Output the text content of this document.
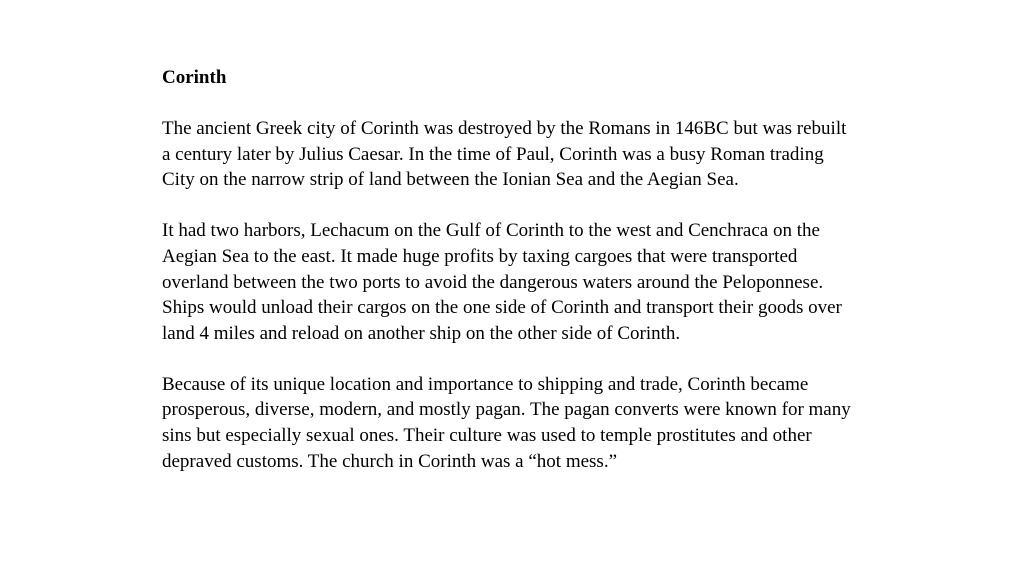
Corinth
The ancient Greek city of Corinth was destroyed by the Romans in 146BC but was rebuilt
a century later by Julius Caesar. In the time of Paul, Corinth was a busy Roman trading
City on the narrow strip of land between the Ionian Sea and the Aegian Sea.
It had two harbors, Lechacum on the Gulf of Corinth to the west and Cenchraca on the
Aegian Sea to the east. It made huge profits by taxing cargoes that were transported
overland between the two ports to avoid the dangerous waters around the Peloponnese.
Ships would unload their cargos on the one side of Corinth and transport their goods over
land 4 miles and reload on another ship on the other side of Corinth.
Because of its unique location and importance to shipping and trade, Corinth became
prosperous, diverse, modern, and mostly pagan. The pagan converts were known for many
sins but especially sexual ones. Their culture was used to temple prostitutes and other
depraved customs. The church in Corinth was a “hot mess.”
